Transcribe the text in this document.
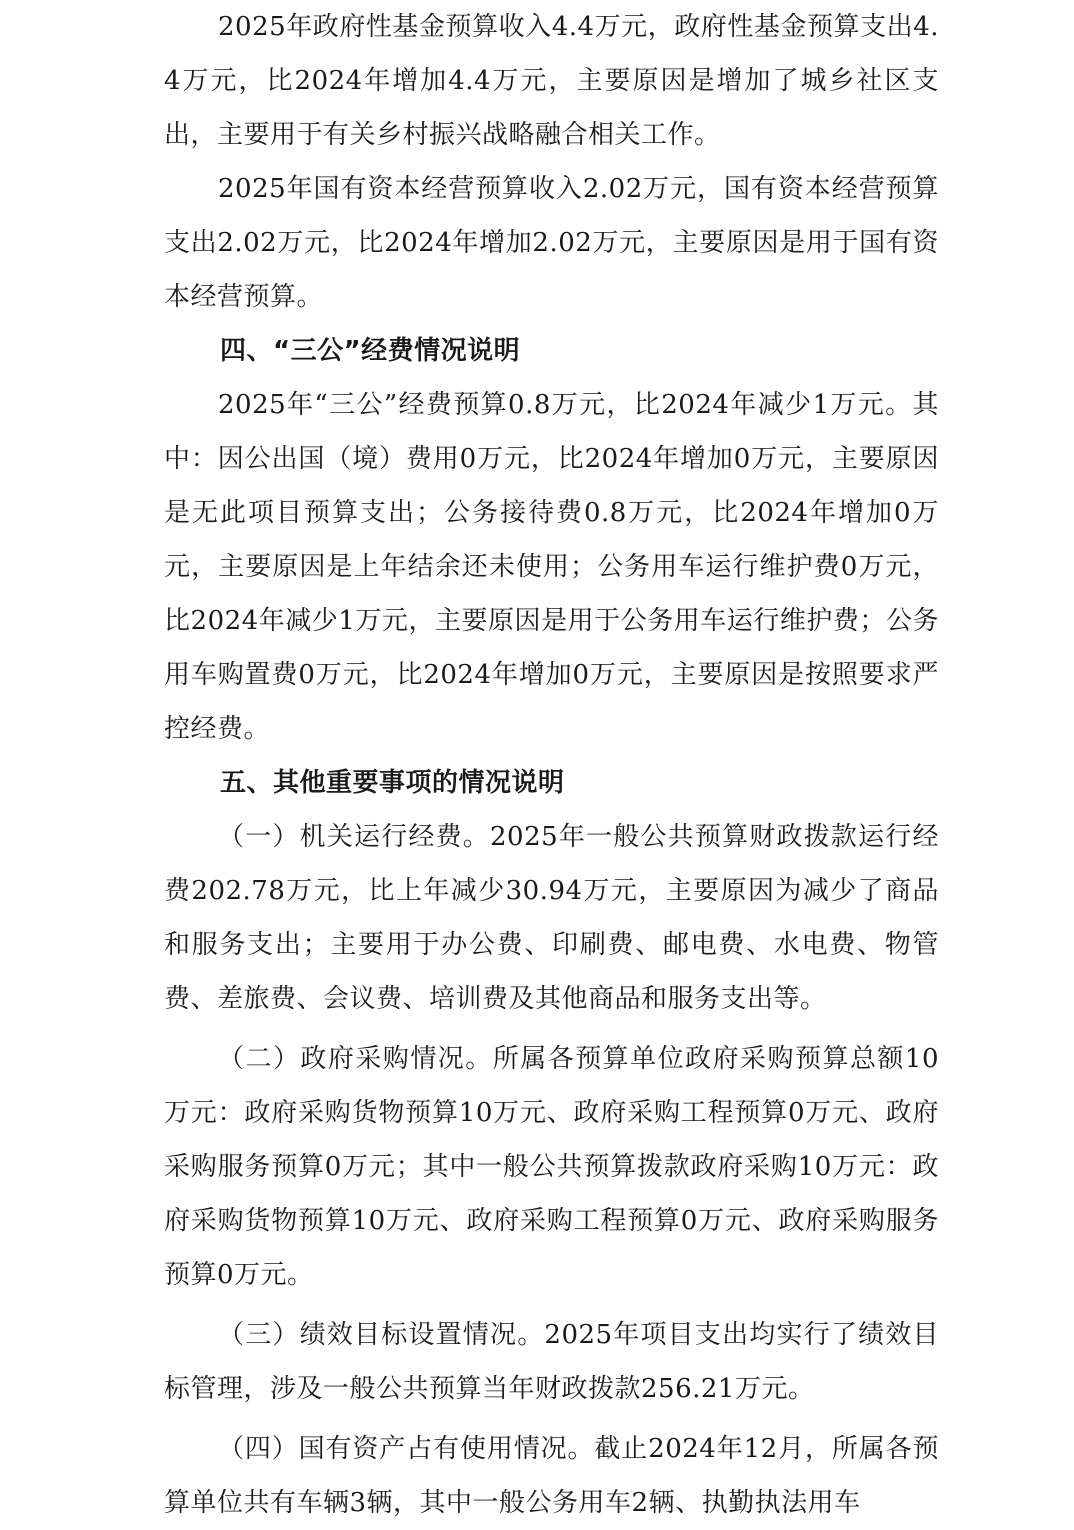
2025年政府性基金预算收入4.4万元，政府性基金预算支出4.4万元，比2024年增加4.4万元，主要原因是增加了城乡社区支出，主要用于有关乡村振兴战略融合相关工作。

2025年国有资本经营预算收入2.02万元，国有资本经营预算支出2.02万元，比2024年增加2.02万元，主要原因是用于国有资本经营预算。

四、“三公”经费情况说明

2025年“三公”经费预算0.8万元，比2024年减少1万元。其中：因公出国（境）费用0万元，比2024年增加0万元，主要原因是无此项目预算支出；公务接待费0.8万元，比2024年增加0万元，主要原因是上年结余还未使用；公务用车运行维护费0万元，比2024年减少1万元，主要原因是用于公务用车运行维护费；公务用车购置费0万元，比2024年增加0万元，主要原因是按照要求严控经费。

五、其他重要事项的情况说明

（一）机关运行经费。2025年一般公共预算财政拨款运行经费202.78万元，比上年减少30.94万元，主要原因为减少了商品和服务支出；主要用于办公费、印刷费、邮电费、水电费、物管费、差旅费、会议费、培训费及其他商品和服务支出等。

（二）政府采购情况。所属各预算单位政府采购预算总额10万元：政府采购货物预算10万元、政府采购工程预算0万元、政府采购服务预算0万元；其中一般公共预算拨款政府采购10万元：政府采购货物预算10万元、政府采购工程预算0万元、政府采购服务预算0万元。

（三）绩效目标设置情况。2025年项目支出均实行了绩效目标管理，涉及一般公共预算当年财政拨款256.21万元。

（四）国有资产占有使用情况。截止2024年12月，所属各预算单位共有车辆3辆，其中一般公务用车2辆、执勤执法用车
